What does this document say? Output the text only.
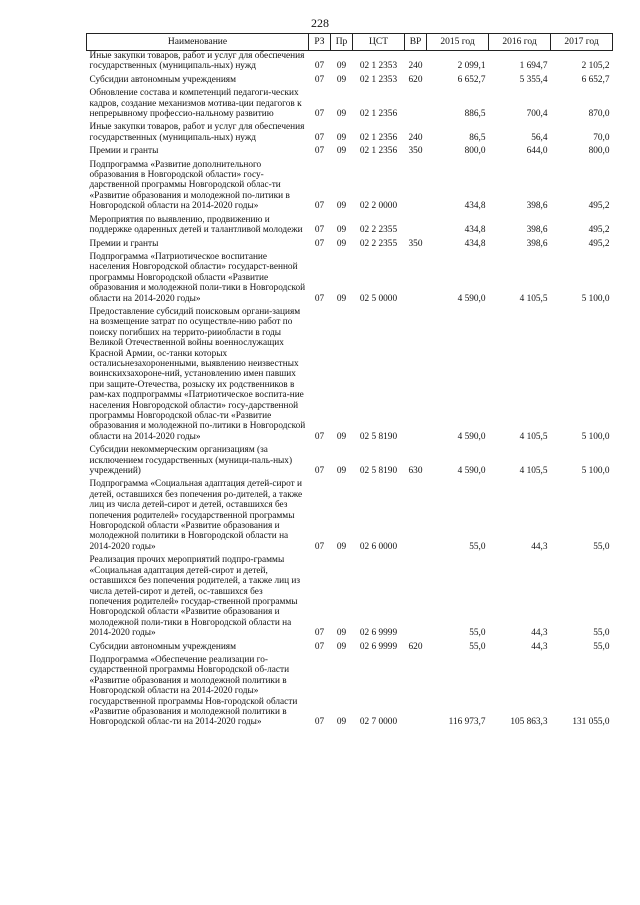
228
Наименование	РЗ	Пр	ЦСТ	ВР	2015 год	2016 год	2017 год
Иные закупки товаров, работ и услуг для обеспечения государственных (муниципаль-ных) нужд	07	09	02 1 2353	240	2 099,1	1 694,7	2 105,2
Субсидии автономным учреждениям	07	09	02 1 2353	620	6 652,7	5 355,4	6 652,7
Обновление состава и компетенций педагоги-ческих кадров, создание механизмов мотива-ции педагогов к непрерывному профессио-нальному развитию	07	09	02 1 2356		886,5	700,4	870,0
Иные закупки товаров, работ и услуг для обеспечения государственных (муниципаль-ных) нужд	07	09	02 1 2356	240	86,5	56,4	70,0
Премии и гранты	07	09	02 1 2356	350	800,0	644,0	800,0
Подпрограмма «Развитие дополнительного образования в Новгородской области» госу-дарственной программы Новгородской облас-ти «Развитие образования и молодежной по-литики в Новгородской области на 2014-2020 годы»	07	09	02 2 0000		434,8	398,6	495,2
Мероприятия по выявлению, продвижению и поддержке одаренных детей и талантливой молодежи	07	09	02 2 2355		434,8	398,6	495,2
Премии и гранты	07	09	02 2 2355	350	434,8	398,6	495,2
Подпрограмма «Патриотическое воспитание населения Новгородской области» государст-венной программы Новгородской области «Развитие образования и молодежной поли-тики в Новгородской области на 2014-2020 годы»	07	09	02 5 0000		4 590,0	4 105,5	5 100,0
Предоставление субсидий поисковым органи-зациям на возмещение затрат по осуществле-нию работ по поиску погибших на террито-рииобласти в годы Великой Отечественной войны военнослужащих Красной Армии, ос-танки которых осталисьнезахороненными, выявлению неизвестных воинскихзахороне-ний, установлению имен павших при защите-Отечества, розыску их родственников в рам-ках подпрограммы «Патриотическое воспита-ние населения Новгородской области» госу-дарственной программы Новгородской облас-ти «Развитие образования и молодежной по-литики в Новгородской области на 2014-2020 годы»	07	09	02 5 8190		4 590,0	4 105,5	5 100,0
Субсидии некоммерческим организациям (за исключением государственных (муници-паль-ных) учреждений)	07	09	02 5 8190	630	4 590,0	4 105,5	5 100,0
Подпрограмма «Социальная адаптация детей-сирот и детей, оставшихся без попечения ро-дителей, а также лиц из числа детей-сирот и детей, оставшихся без попечения родителей» государственной программы Новгородской области «Развитие образования и молодежной политики в Новгородской области на 2014-2020 годы»	07	09	02 6 0000		55,0	44,3	55,0
Реализация прочих мероприятий подпро-граммы «Социальная адаптация детей-сирот и детей, оставшихся без попечения родителей, а также лиц из числа детей-сирот и детей, ос-тавшихся без попечения родителей» государ-ственной программы Новгородской области «Развитие образования и молодежной поли-тики в Новгородской области на 2014-2020 годы»	07	09	02 6 9999		55,0	44,3	55,0
Субсидии автономным учреждениям	07	09	02 6 9999	620	55,0	44,3	55,0
Подпрограмма «Обеспечение реализации го-сударственной программы Новгородской об-ласти «Развитие образования и молодежной политики в Новгородской области на 2014-2020 годы» государственной программы Нов-городской области «Развитие образования и молодежной политики в Новгородской облас-ти на 2014-2020 годы»	07	09	02 7 0000		116 973,7	105 863,3	131 055,0
